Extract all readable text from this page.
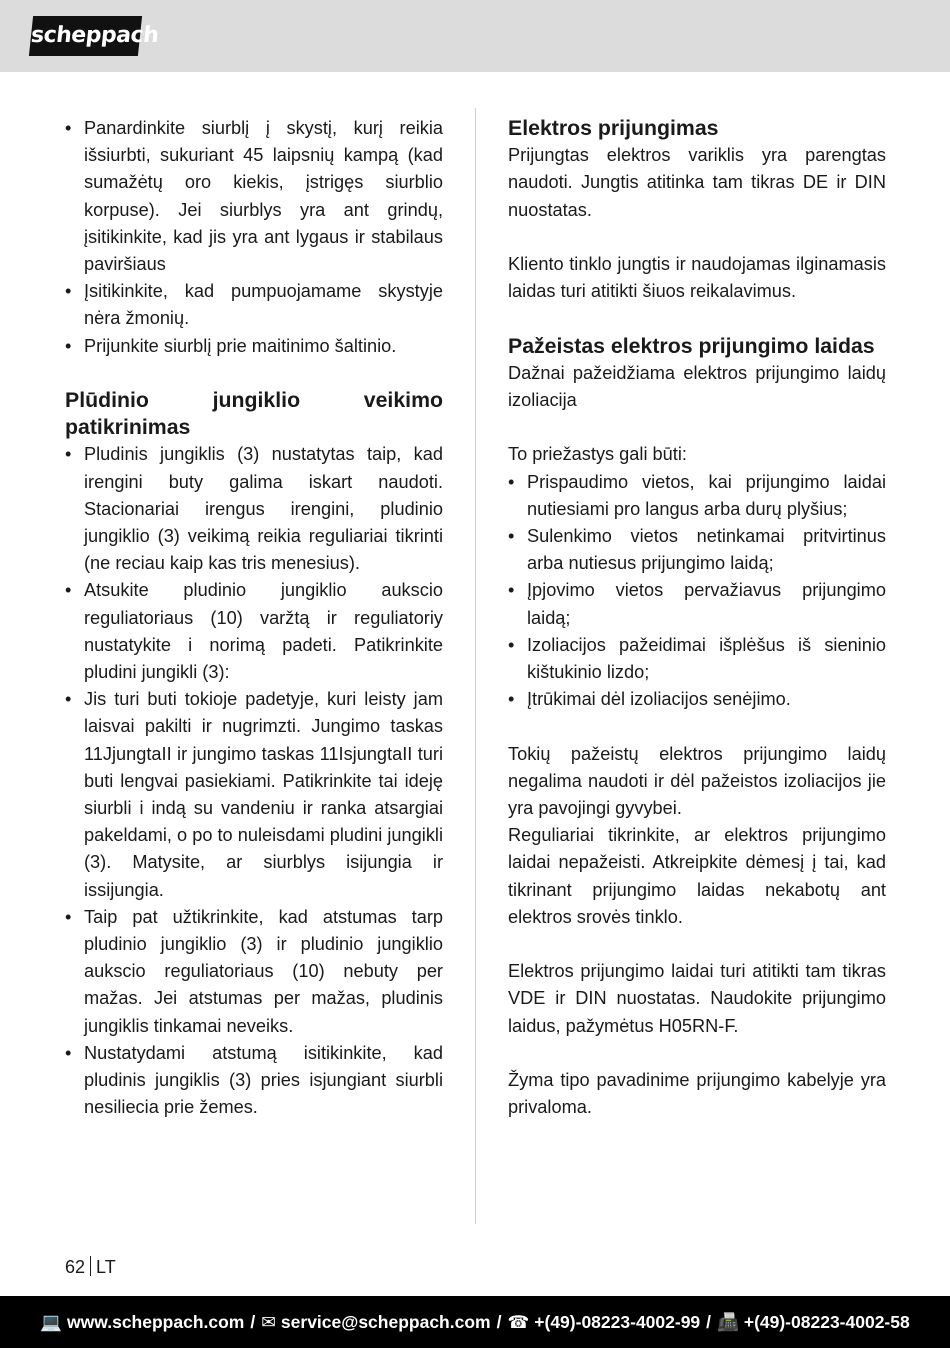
scheppach
• Panardinkite siurblį į skystį, kurį reikia išsiurbti, sukuriant 45 laipsnių kampą (kad sumažėtų oro kiekis, įstrigęs siurblio korpuse). Jei siurblys yra ant grindų, įsitikinkite, kad jis yra ant lygaus ir stabilaus paviršiaus
• Įsitikinkite, kad pumpuojamame skystyje nėra žmonių.
• Prijunkite siurblį prie maitinimo šaltinio.
Plūdinio jungiklio veikimo patikrinimas
• Pludinis jungiklis (3) nustatytas taip, kad irengini buty galima iskart naudoti. Stacionariai irengus irengini, pludinio jungiklio (3) veikimą reikia reguliariai tikrinti (ne reciau kaip kas tris menesius).
• Atsukite pludinio jungiklio aukscio reguliatoriaus (10) varžtą ir reguliatoriy nustatykite i norimą padeti. Patikrinkite pludini jungikli (3):
• Jis turi buti tokioje padetyje, kuri leisty jam laisvai pakilti ir nugrimzti. Jungimo taskas 11JjungtaII ir jungimo taskas 11IsjungtaII turi buti lengvai pasiekiami. Patikrinkite tai ideję siurbli i indą su vandeniu ir ranka atsargiai pakeldami, o po to nuleisdami pludini jungikli (3). Matysite, ar siurblys isijungia ir issijungia.
• Taip pat užtikrinkite, kad atstumas tarp pludinio jungiklio (3) ir pludinio jungiklio aukscio reguliatoriaus (10) nebuty per mažas. Jei atstumas per mažas, pludinis jungiklis tinkamai neveiks.
• Nustatydami atstumą isitikinkite, kad pludinis jungiklis (3) pries isjungiant siurbli nesiliecia prie žemes.
Elektros prijungimas

Prijungtas elektros variklis yra parengtas naudoti. Jungtis atitinka tam tikras DE ir DIN nuostatas.

Kliento tinklo jungtis ir naudojamas ilginamasis laidas turi atitikti šiuos reikalavimus.

Pažeistas elektros prijungimo laidas

Dažnai pažeidžiama elektros prijungimo laidų izoliacija

To priežastys gali būti:

• Prispaudimo vietos, kai prijungimo laidai nutiesiami pro langus arba durų plyšius;
• Sulenkimo vietos netinkamai pritvirtinus arba nutiesus prijungimo laidą;
• Įpjovimo vietos pervažiavus prijungimo laidą;
• Izoliacijos pažeidimai išplėšus iš sieninio kištukinio lizdo;
• Įtrūkimai dėl izoliacijos senėjimo.

Tokių pažeistų elektros prijungimo laidų negalima naudoti ir dėl pažeistos izoliacijos jie yra pavojingi gyvybei.

Reguliariai tikrinkite, ar elektros prijungimo laidai nepažeisti. Atkreipkite dėmesį į tai, kad tikrinant prijungimo laidas nekabotų ant elektros srovės tinklo.

Elektros prijungimo laidai turi atitikti tam tikras VDE ir DIN nuostatas. Naudokite prijungimo laidus, pažymėtus H05RN-F.

Žyma tipo pavadinime prijungimo kabelyje yra privaloma.

62 LT
💻 www.scheppach.com / ✉ service@scheppach.com / ☎ +(49)-08223-4002-99 / 📠 +(49)-08223-4002-58
